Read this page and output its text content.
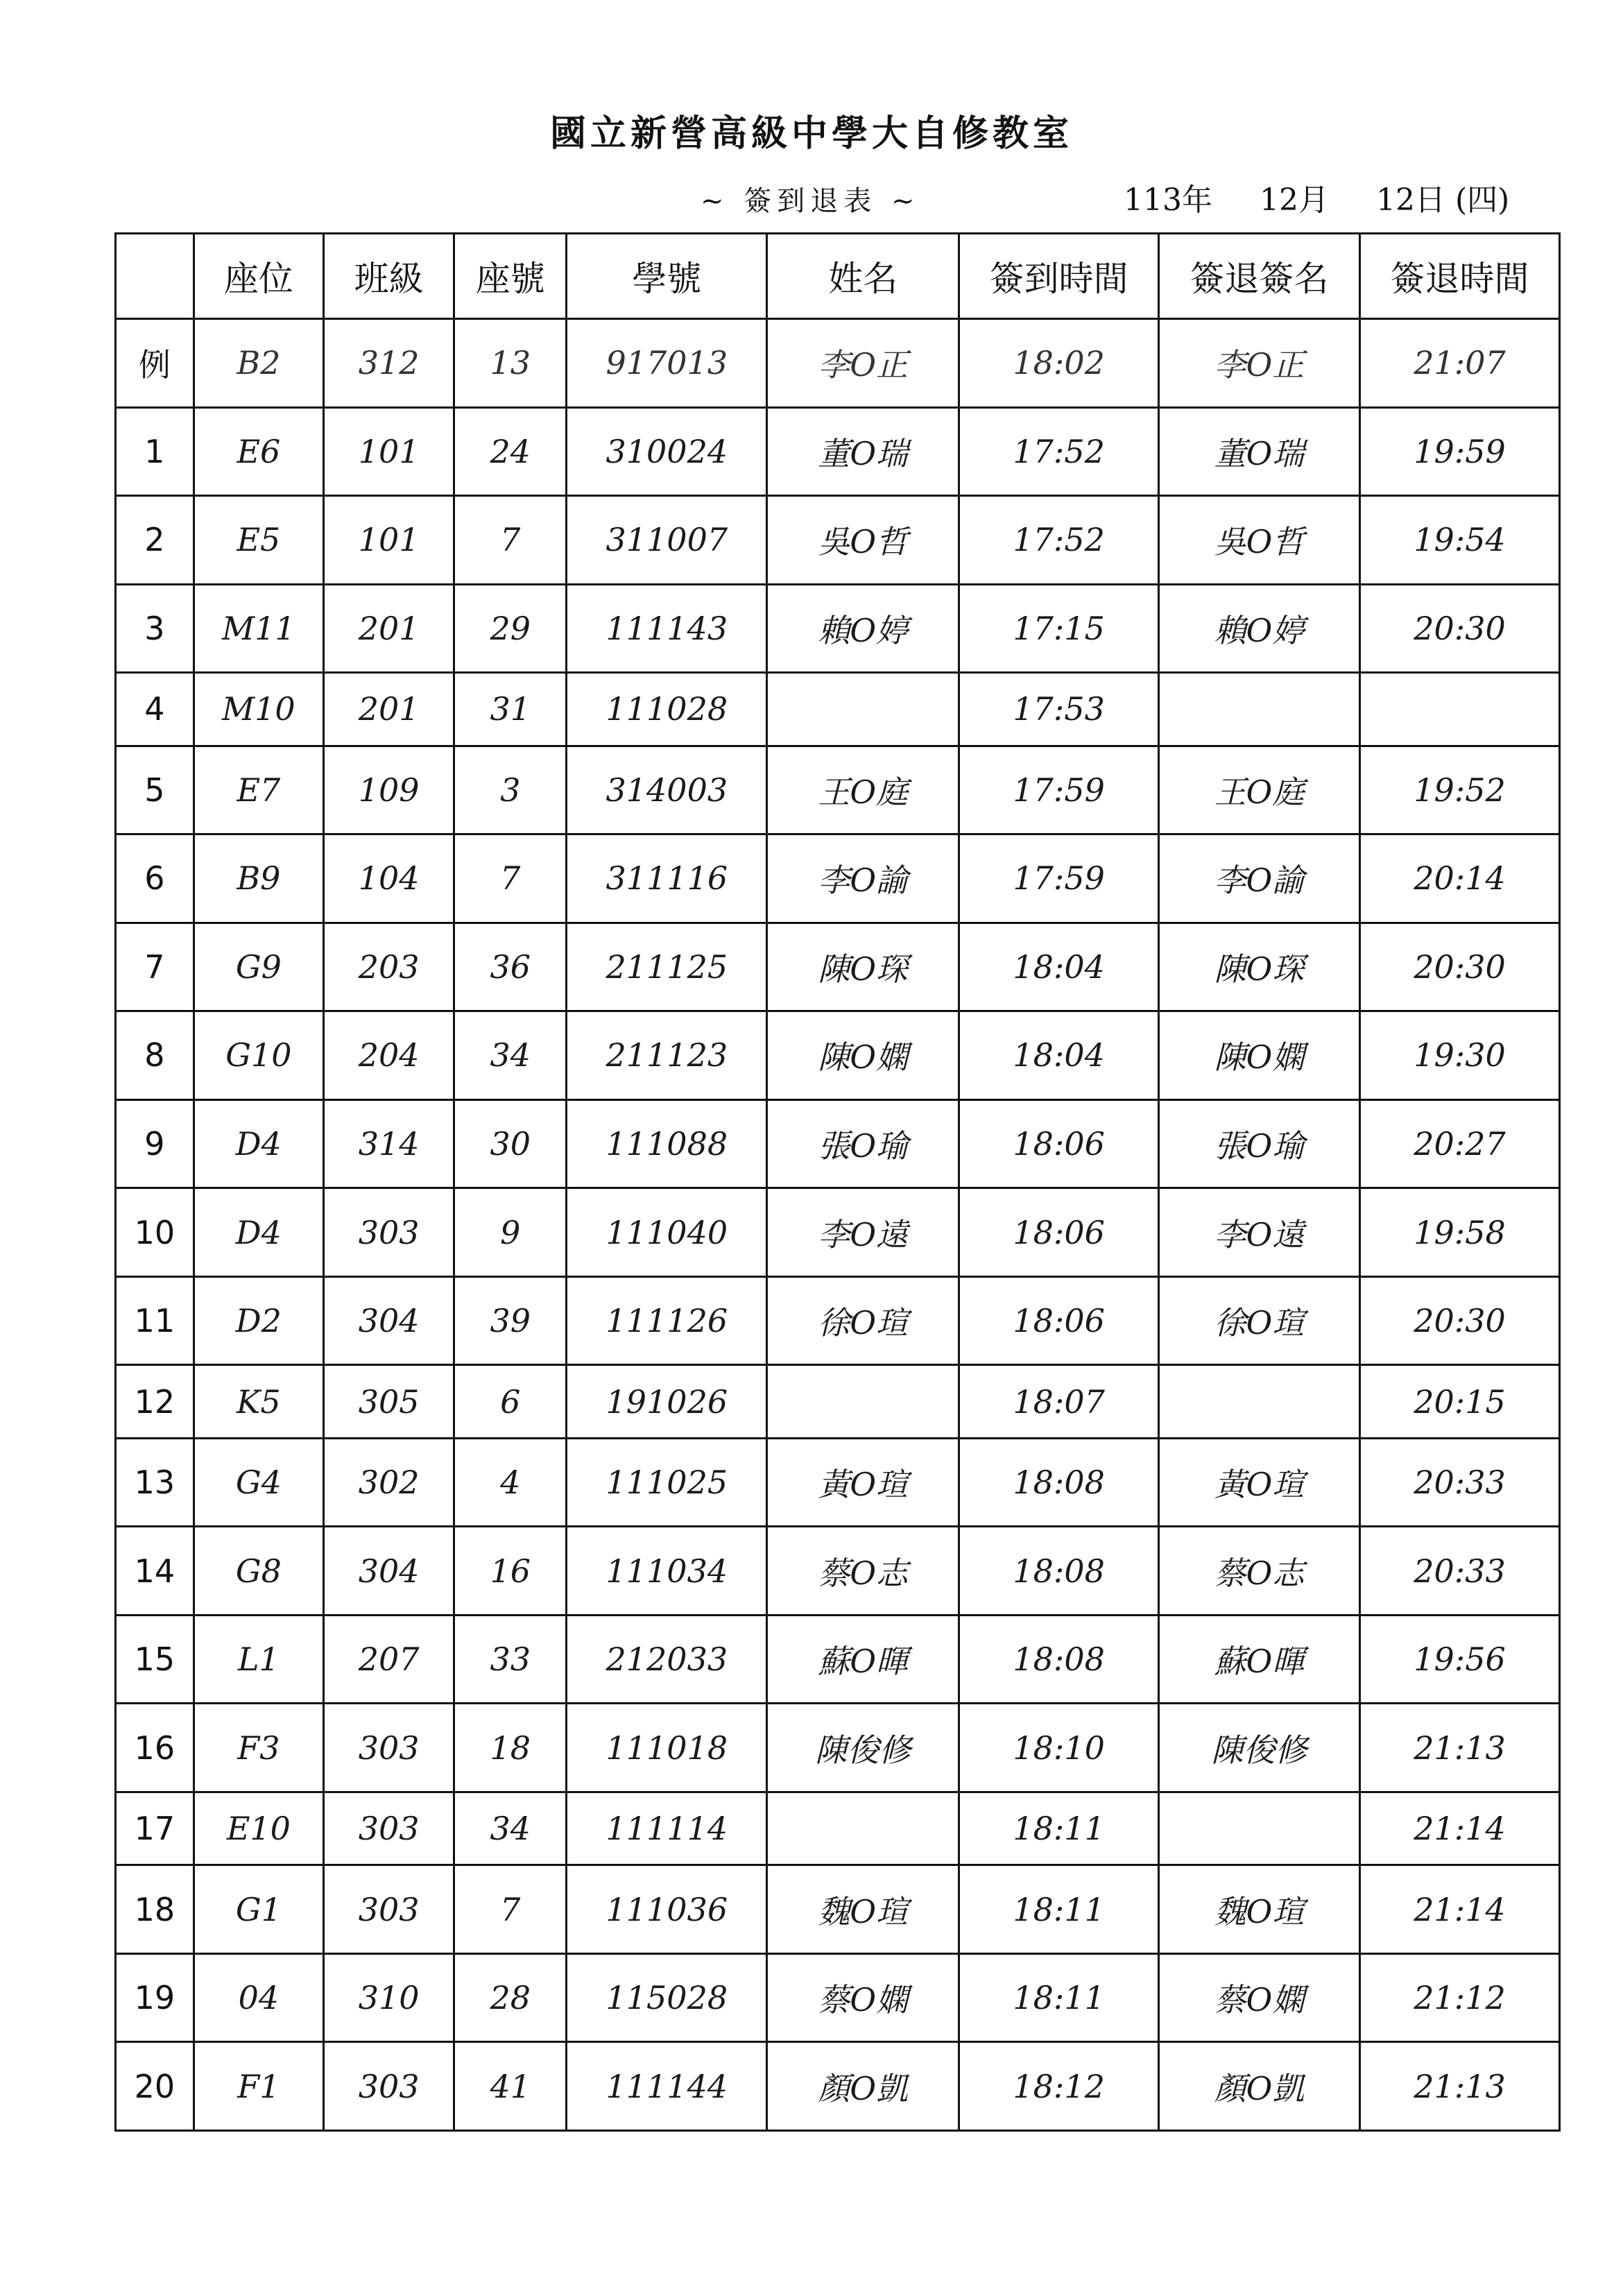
國立新營高級中學大自修教室
~ 簽到退表 ~	113年 12月 12日 (四)
	座位	班級	座號	學號	姓名	簽到時間	簽退簽名	簽退時間
例	B2	312	13	917013	李O正	18:02	李O正	21:07
1	E6	101	24	310024	董O瑞	17:52	董O瑞	19:59
2	E5	101	7	311007	吳O哲	17:52	吳O哲	19:54
3	M11	201	29	111143	賴O婷	17:15	賴O婷	20:30
4	M10	201	31	111028		17:53		
5	E7	109	3	314003	王O庭	17:59	王O庭	19:52
6	B9	104	7	311116	李O諭	17:59	李O諭	20:14
7	G9	203	36	211125	陳O琛	18:04	陳O琛	20:30
8	G10	204	34	211123	陳O嫻	18:04	陳O嫻	19:30
9	D4	314	30	111088	張O瑜	18:06	張O瑜	20:27
10	D4	303	9	111040	李O遠	18:06	李O遠	19:58
11	D2	304	39	111126	徐O瑄	18:06	徐O瑄	20:30
12	K5	305	6	191026		18:07		20:15
13	G4	302	4	111025	黃O瑄	18:08	黃O瑄	20:33
14	G8	304	16	111034	蔡O志	18:08	蔡O志	20:33
15	L1	207	33	212033	蘇O暉	18:08	蘇O暉	19:56
16	F3	303	18	111018	陳俊修	18:10	陳俊修	21:13
17	E10	303	34	111114		18:11		21:14
18	G1	303	7	111036	魏O瑄	18:11	魏O瑄	21:14
19	04	310	28	115028	蔡O嫻	18:11	蔡O嫻	21:12
20	F1	303	41	111144	顏O凱	18:12	顏O凱	21:13
